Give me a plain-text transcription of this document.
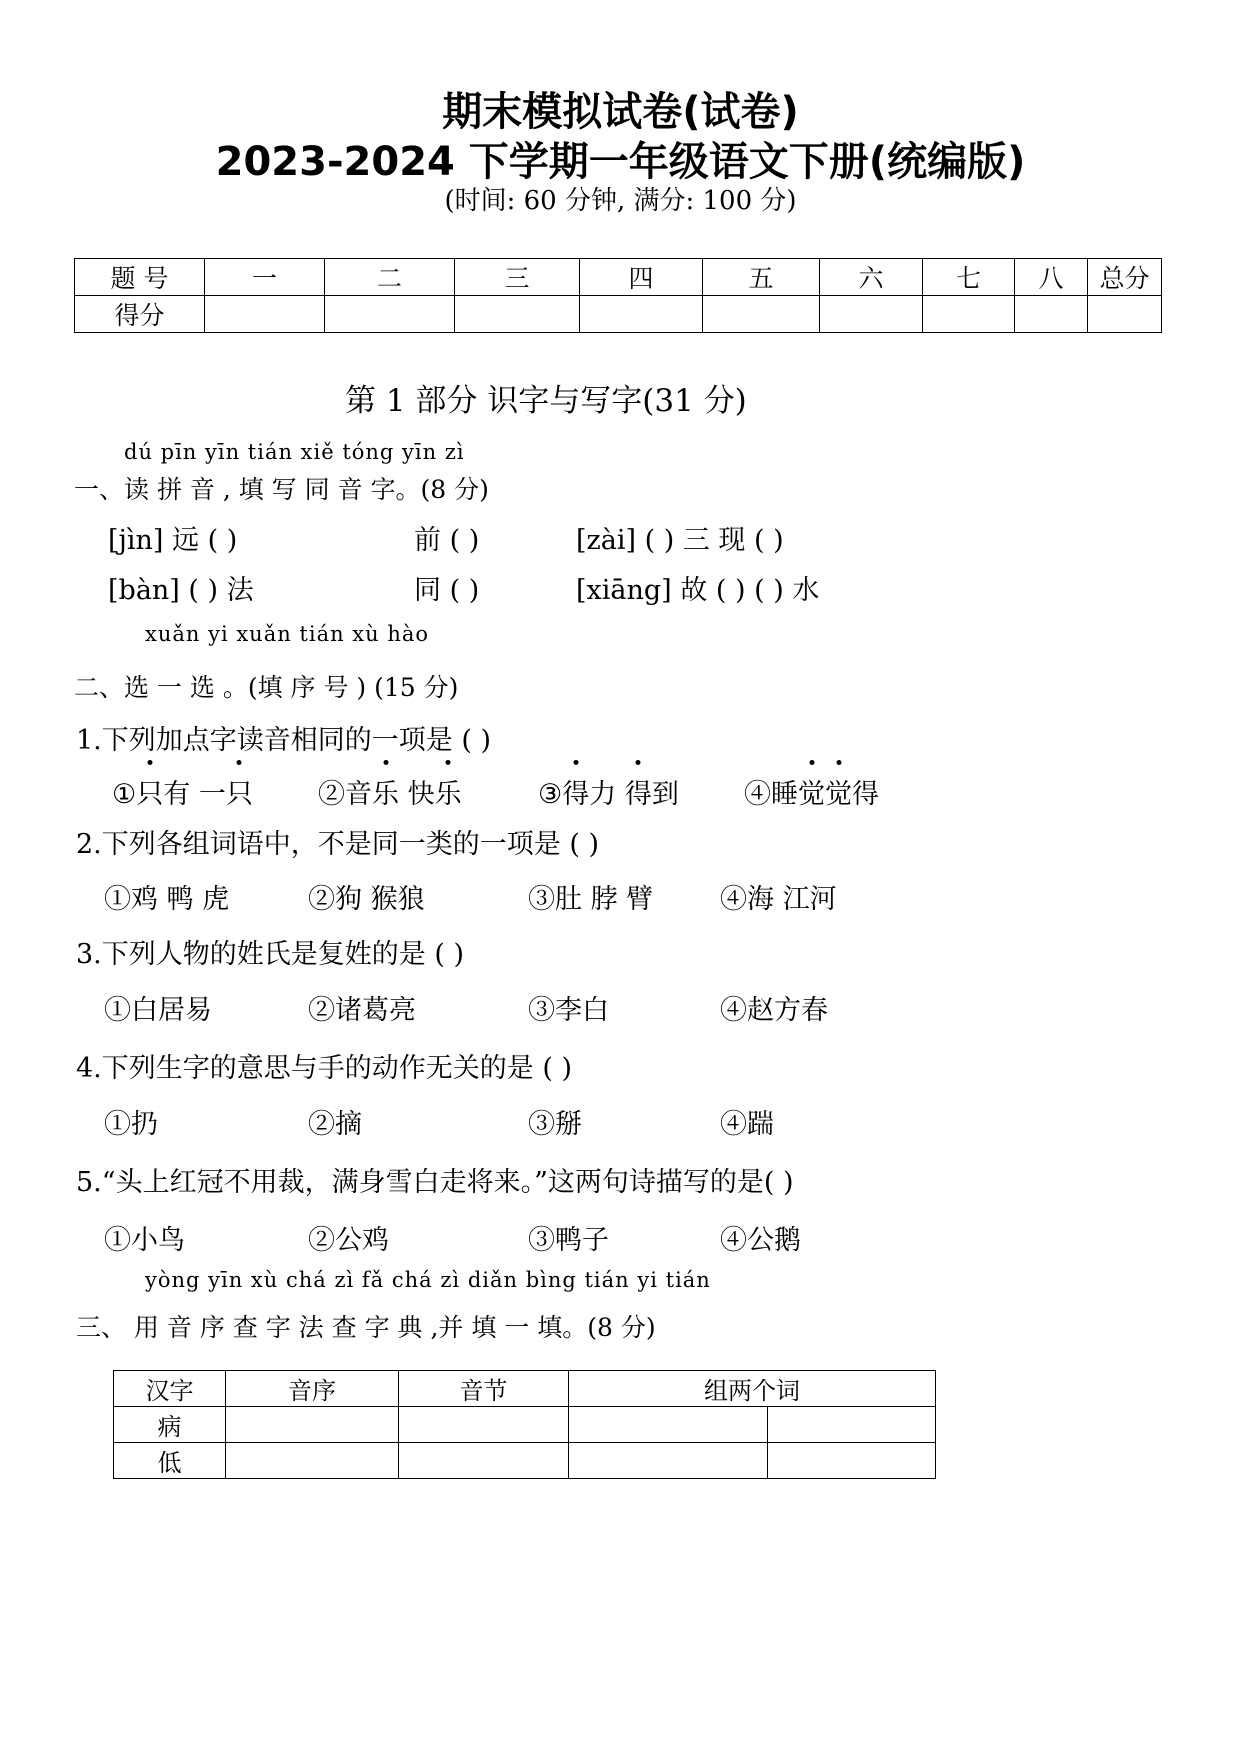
期末模拟试卷(试卷)
2023-2024 下学期一年级语文下册(统编版)
(时间: 60 分钟, 满分: 100 分)
题 号	一	二	三	四	五	六	七	八	总分
得分									
第 1 部分 识字与写字(31 分)
dú pīn yīn tián xiě tóng yīn zì
一、读 拼 音 , 填 写 同 音 字。(8 分)
[jìn] 远 ( )	前 ( )	[zài] ( ) 三 现 ( )
[bàn] ( ) 法	同 ( )	[xiāng] 故 ( ) ( ) 水
xuǎn yi xuǎn tián xù hào
二、选 一 选 。(填 序 号 ) (15 分)
1.下列加点字读音相同的一项是 ( )
①只
有 一只 ②音乐 快乐	③得
力 得
到 ④睡觉
觉
得
2.下列各组词语中，不是同一类的一项是 ( )
①鸡 鸭 虎	②狗 猴狼	③肚 脖 臂 ④海 江河
3.下列人物的姓氏是复姓的是 ( )
①白居易	②诸葛亮	③李白	④赵方春
4.下列生字的意思与手的动作无关的是 ( )
①扔	②摘	③掰	④踹
5.“头上红冠不用裁，满身雪白走将来。”这两句诗描写的是( )
①小鸟	②公鸡	③鸭子	④公鹅
yòng yīn xù chá zì fǎ chá zì diǎn bìng tián yi tián
三、 用 音 序 查 字 法 查 字 典 ,并 填 一 填。(8 分)
汉字	音序	音节	组两个词	
病				
低				
